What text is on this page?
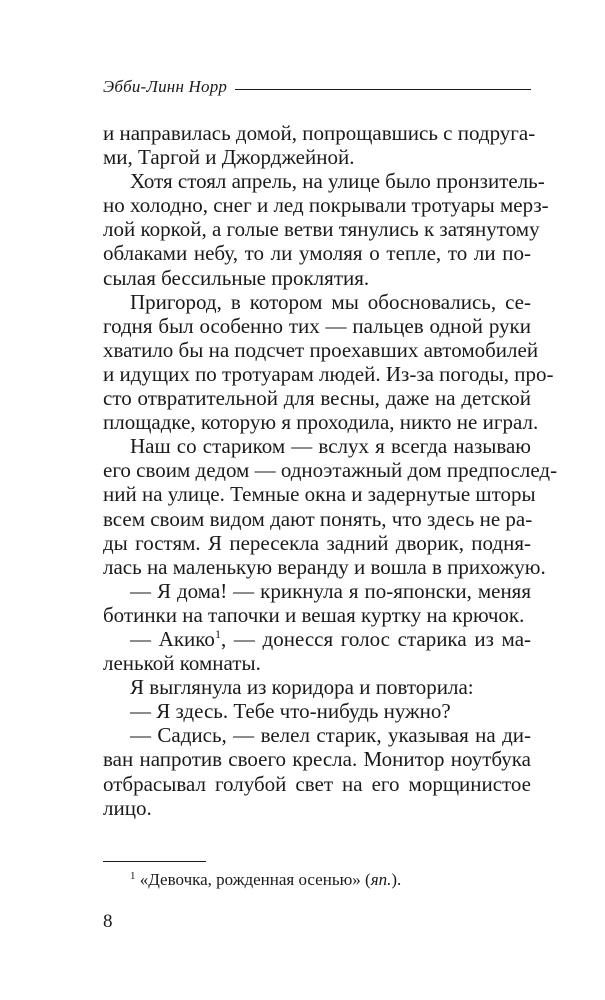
Эбби-Линн Норр
и направилась домой, попрощавшись с подруга-
ми, Таргой и Джорджейной.
Хотя стоял апрель, на улице было пронзитель-
но холодно, снег и лед покрывали тротуары мерз-
лой коркой, а голые ветви тянулись к затянутому
облаками небу, то ли умоляя о тепле, то ли по-
сылая бессильные проклятия.
Пригород, в котором мы обосновались, се-
годня был особенно тих — пальцев одной руки
хватило бы на подсчет проехавших автомобилей
и идущих по тротуарам людей. Из-за погоды, про-
сто отвратительной для весны, даже на детской
площадке, которую я проходила, никто не играл.
Наш со стариком — вслух я всегда называю
его своим дедом — одноэтажный дом предпослед-
ний на улице. Темные окна и задернутые шторы
всем своим видом дают понять, что здесь не ра-
ды гостям. Я пересекла задний дворик, подня-
лась на маленькую веранду и вошла в прихожую.
— Я дома! — крикнула я по-японски, меняя
ботинки на тапочки и вешая куртку на крючок.
— Акико$^1$, — донесся голос старика из ма-
ленькой комнаты.
Я выглянула из коридора и повторила:
— Я здесь. Тебе что-нибудь нужно?
— Садись, — велел старик, указывая на ди-
ван напротив своего кресла. Монитор ноутбука
отбрасывал голубой свет на его морщинистое
лицо.
$^1$ «Девочка, рожденная осенью» (яп.).
8
